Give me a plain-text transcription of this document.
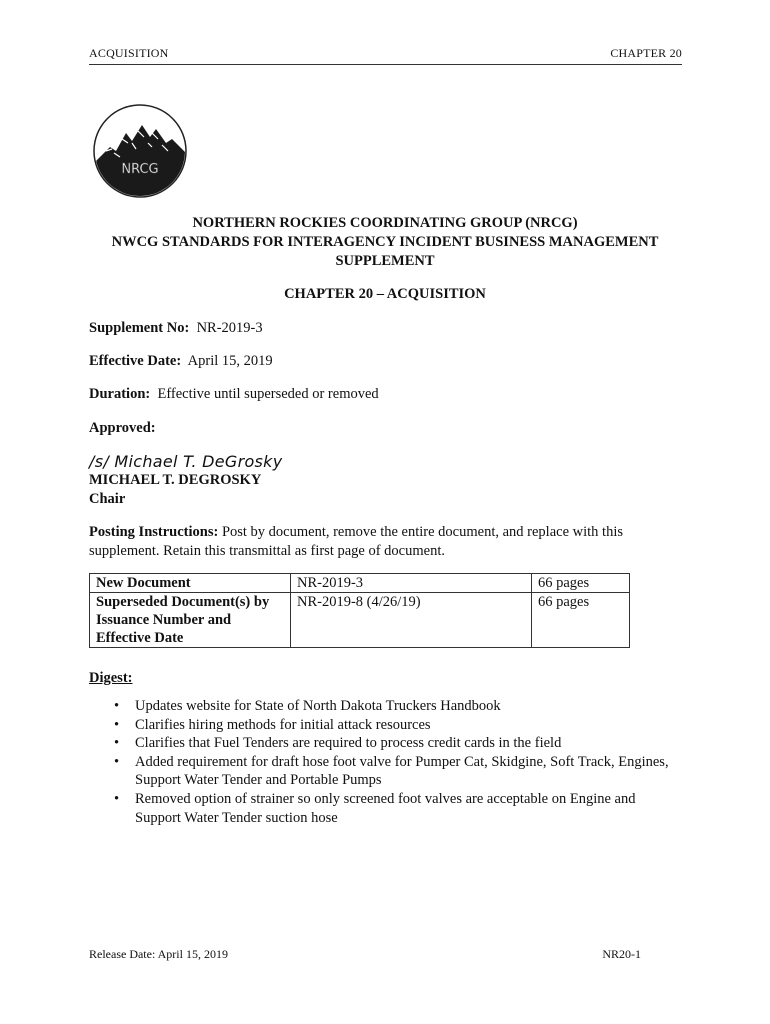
ACQUISITION	CHAPTER 20
NRCG
NORTHERN ROCKIES COORDINATING GROUP (NRCG)
NWCG STANDARDS FOR INTERAGENCY INCIDENT BUSINESS MANAGEMENT
SUPPLEMENT
CHAPTER 20 – ACQUISITION
Supplement No: NR-2019-3
Effective Date: April 15, 2019
Duration: Effective until superseded or removed
Approved:
/s/ Michael T. DeGrosky
MICHAEL T. DEGROSKY
Chair
Posting Instructions: Post by document, remove the entire document, and replace with this supplement. Retain this transmittal as first page of document.
New Document	NR-2019-3	66 pages
Superseded Document(s) by Issuance Number and Effective Date	NR-2019-8 (4/26/19)	66 pages
Digest:
• Updates website for State of North Dakota Truckers Handbook
• Clarifies hiring methods for initial attack resources
• Clarifies that Fuel Tenders are required to process credit cards in the field
• Added requirement for draft hose foot valve for Pumper Cat, Skidgine, Soft Track, Engines, Support Water Tender and Portable Pumps
• Removed option of strainer so only screened foot valves are acceptable on Engine and Support Water Tender suction hose
Release Date: April 15, 2019	NR20-1
